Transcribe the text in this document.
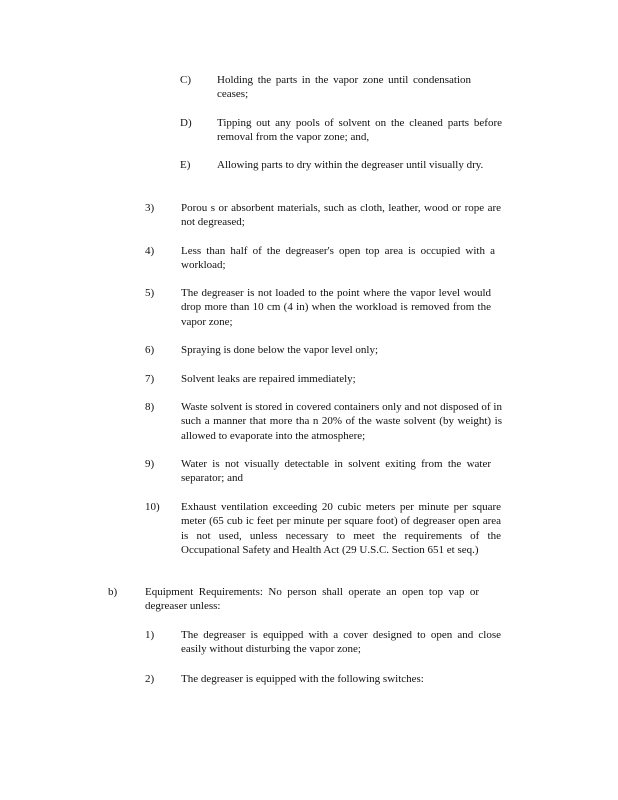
C) Holding the parts in the vapor zone until condensation ceases;
D) Tipping out any pools of solvent on the cleaned parts before removal from the vapor zone; and,
E) Allowing parts to dry within the degreaser until visually dry.
3) Porou s or absorbent materials, such as cloth, leather, wood or rope are not degreased;
4) Less than half of the degreaser's open top area is occupied with a workload;
5) The degreaser is not loaded to the point where the vapor level would drop more than 10 cm (4 in) when the workload is removed from the vapor zone;
6) Spraying is done below the vapor level only;
7) Solvent leaks are repaired immediately;
8) Waste solvent is stored in covered containers only and not disposed of in such a manner that more tha n 20% of the waste solvent (by weight) is allowed to evaporate into the atmosphere;
9) Water is not visually detectable in solvent exiting from the water separator; and
10) Exhaust ventilation exceeding 20 cubic meters per minute per square meter (65 cub ic feet per minute per square foot) of degreaser open area is not used, unless necessary to meet the requirements of the Occupational Safety and Health Act (29 U.S.C. Section 651 et seq.)
b)	Equipment Requirements: No person shall operate an open top vap or degreaser unless:
1) The degreaser is equipped with a cover designed to open and close easily without disturbing the vapor zone;
2) The degreaser is equipped with the following switches:
